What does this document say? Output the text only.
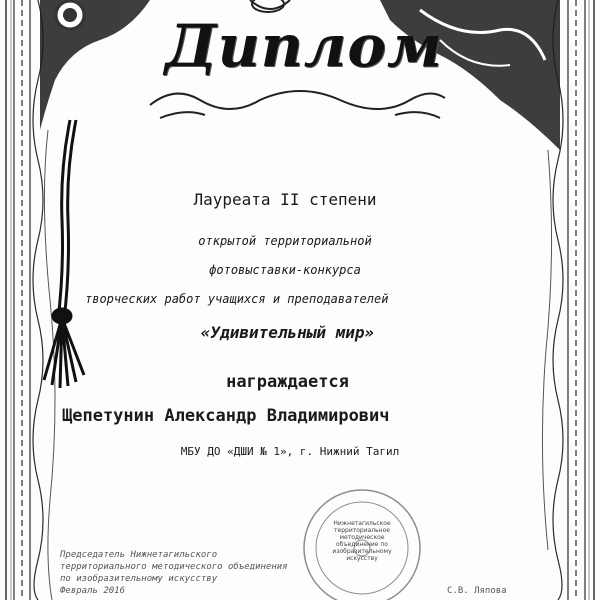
Нижнетагильское
территориальное
методическое
объединение по
изобразительному
искусству
Диплом
Лауреата II степени
открытой территориальной
фотовыставки-конкурса
творческих работ учащихся и преподавателей
«Удивительный мир»
награждается
Щепетунин Александр Владимирович
МБУ ДО «ДШИ № 1», г. Нижний Тагил
Председатель Нижнетагильского
территориального методического объединения
по изобразительному искусству
Февраль 2016	С.В. Ляпова
